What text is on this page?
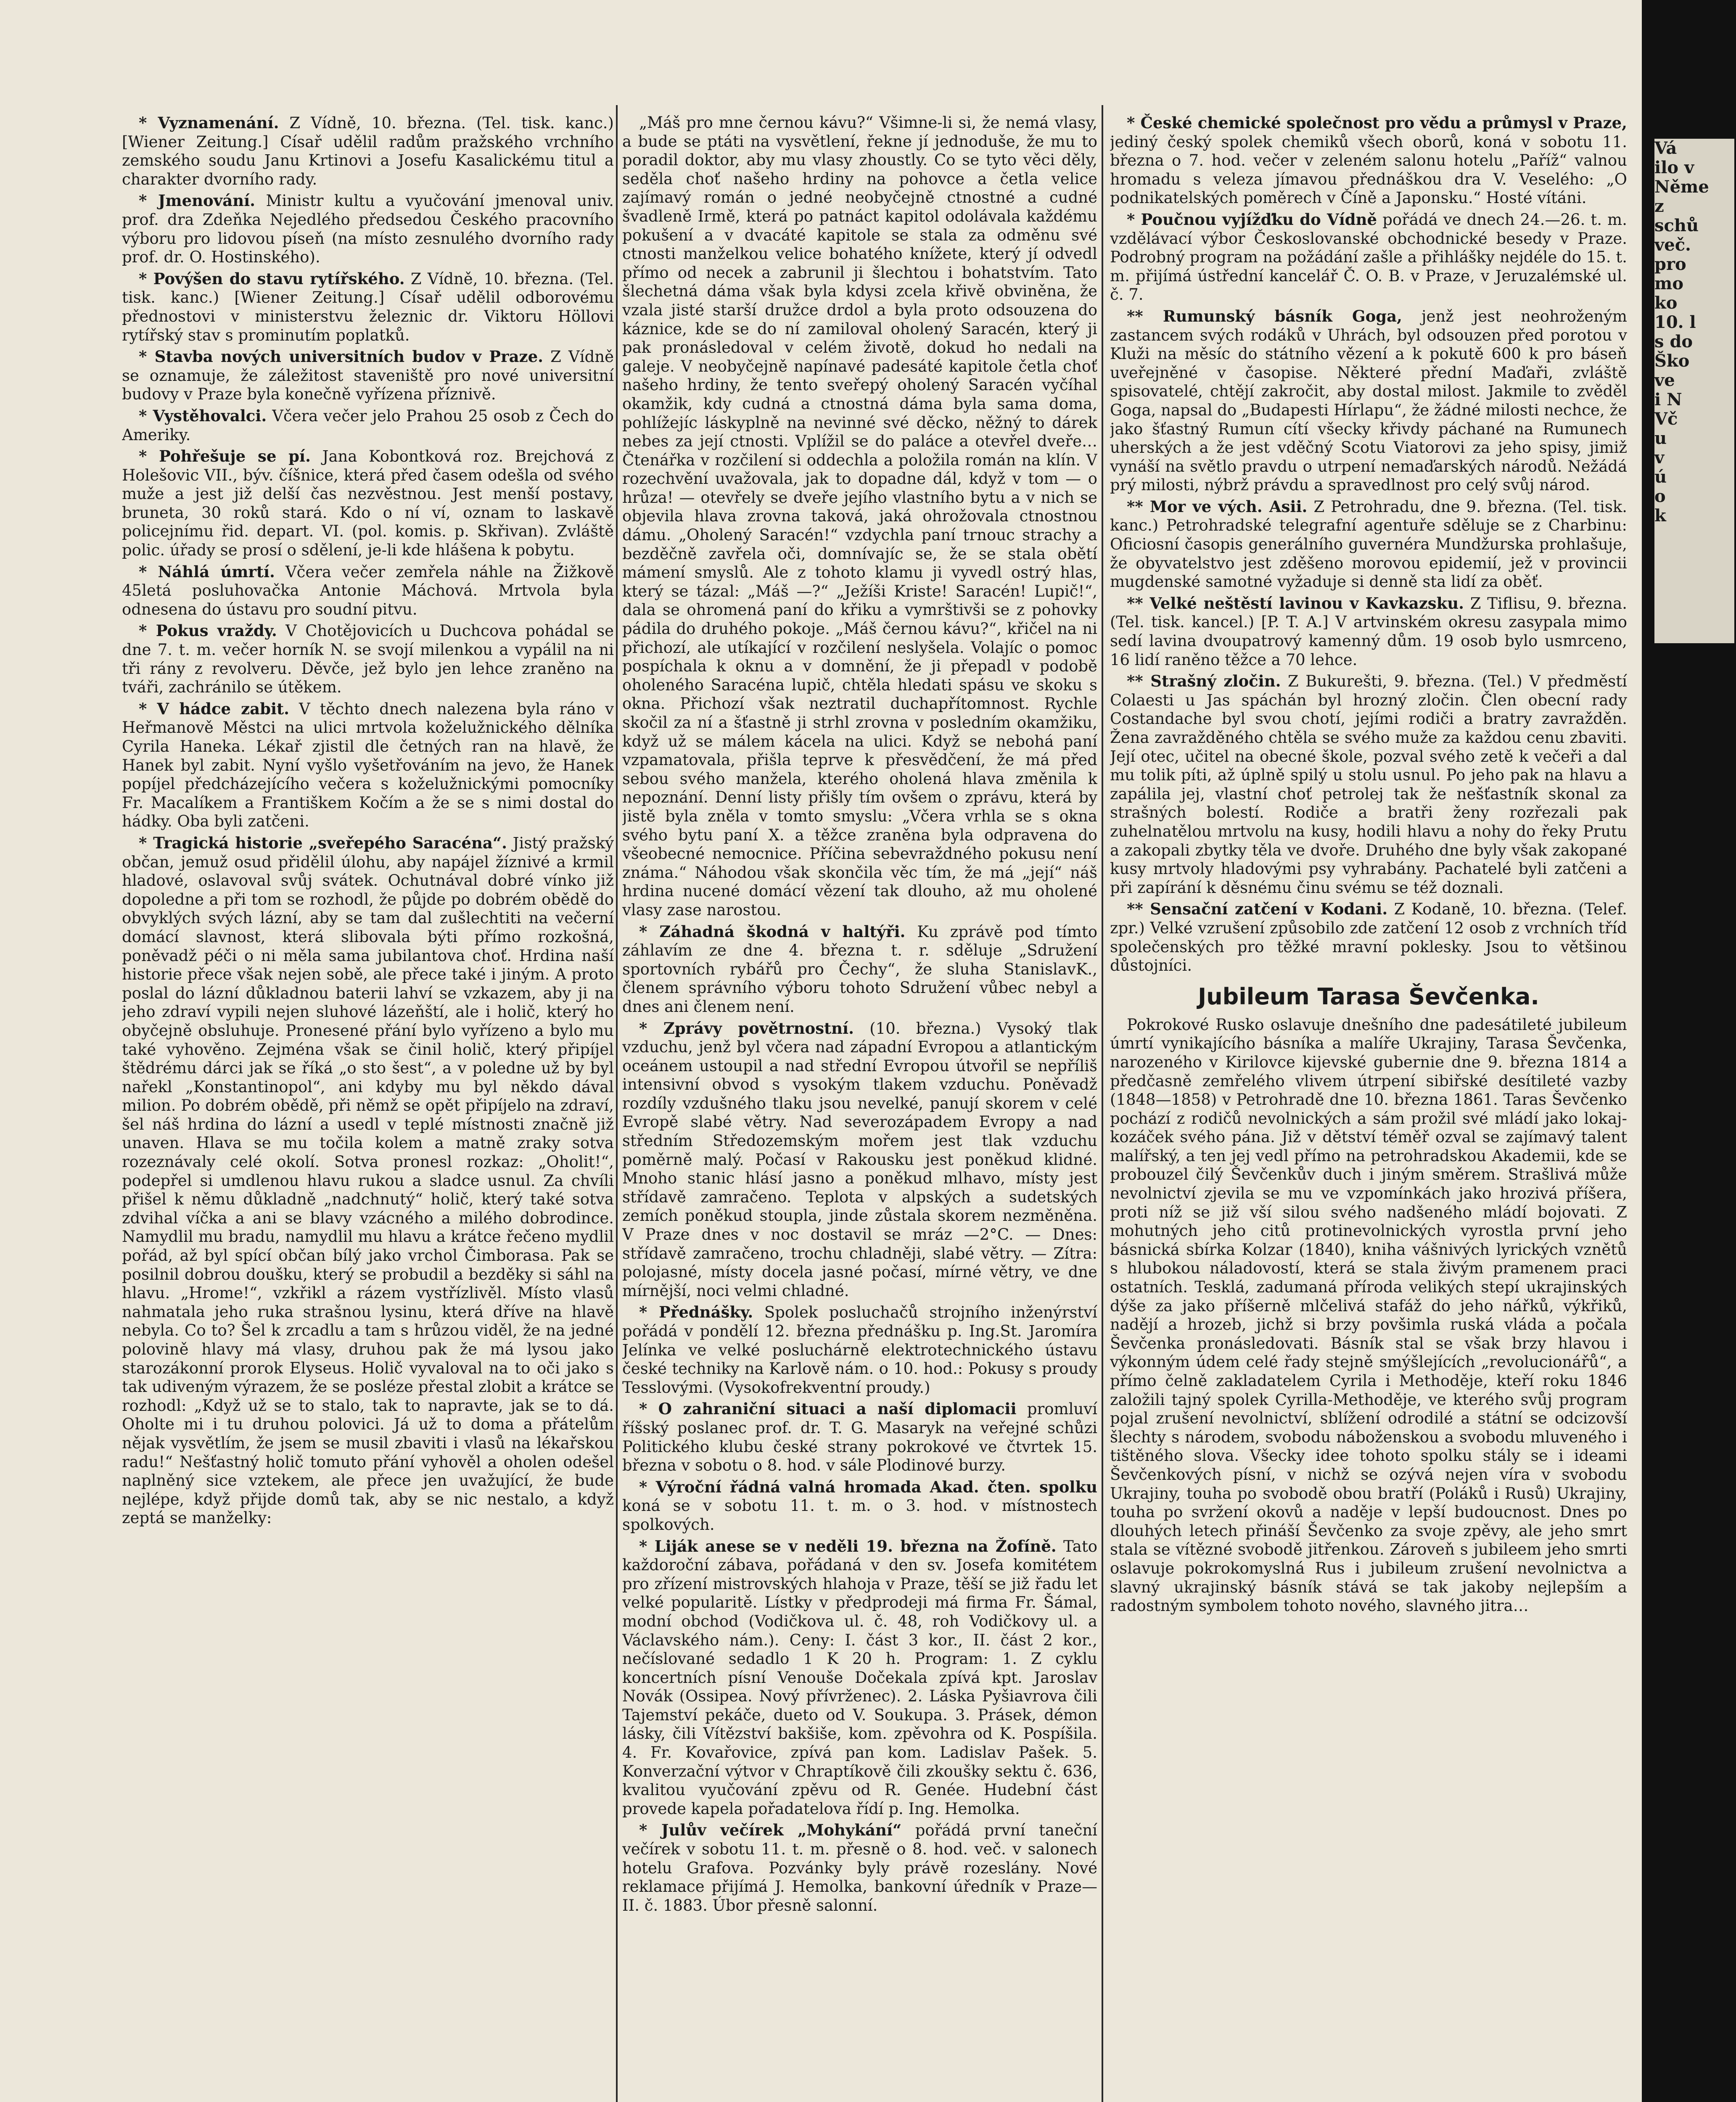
* Vyznamenání. Z Vídně, 10. března. (Tel. tisk. kanc.) [Wiener Zeitung.] Císař udělil radům pražského vrchního zemského soudu Janu Krtinovi a Josefu Kasalickému titul a charakter dvorního rady.

* Jmenování. Ministr kultu a vyučování jmenoval univ. prof. dra Zdeňka Nejedlého předsedou Českého pracovního výboru pro lidovou píseň (na místo zesnulého dvorního rady prof. dr. O. Hostinského).

* Povýšen do stavu rytířského. Z Vídně, 10. března. (Tel. tisk. kanc.) [Wiener Zeitung.] Císař udělil odborovému přednostovi v ministerstvu železnic dr. Viktoru Höllovi rytířský stav s prominutím poplatků.

* Stavba nových universitních budov v Praze. Z Vídně se oznamuje, že záležitost staveniště pro nové universitní budovy v Praze byla konečně vyřízena příznivě.

* Vystěhovalci. Včera večer jelo Prahou 25 osob z Čech do Ameriky.

* Pohřešuje se pí. Jana Kobontková roz. Brejchová z Holešovic VII., býv. číšnice, která před časem odešla od svého muže a jest již delší čas nezvěstnou. Jest menší postavy, bruneta, 30 roků stará. Kdo o ní ví, oznam to laskavě policejnímu řid. depart. VI. (pol. komis. p. Skřivan). Zvláště polic. úřady se prosí o sdělení, je-li kde hlášena k pobytu.

* Náhlá úmrtí. Včera večer zemřela náhle na Žižkově 45letá posluhovačka Antonie Máchová. Mrtvola byla odnesena do ústavu pro soudní pitvu.

* Pokus vraždy. V Chotějovicích u Duchcova pohádal se dne 7. t. m. večer horník N. se svojí milenkou a vypálil na ni tři rány z revolveru. Děvče, jež bylo jen lehce zraněno na tváři, zachránilo se útěkem.

* V hádce zabit. V těchto dnech nalezena byla ráno v Heřmanově Městci na ulici mrtvola koželužnického dělníka Cyrila Haneka. Lékař zjistil dle četných ran na hlavě, že Hanek byl zabit. Nyní vyšlo vyšetřováním na jevo, že Hanek popíjel předcházejícího večera s koželužnickými pomocníky Fr. Macalíkem a Františkem Kočím a že se s nimi dostal do hádky. Oba byli zatčeni.

* Tragická historie „sveřepého Saracéna“. Jistý pražský občan, jemuž osud přidělil úlohu, aby napájel žíznivé a krmil hladové, oslavoval svůj svátek. Ochutnával dobré vínko již dopoledne a při tom se rozhodl, že půjde po dobrém obědě do obvyklých svých lázní, aby se tam dal zušlechtiti na večerní domácí slavnost, která slibovala býti přímo rozkošná, poněvadž péči o ni měla sama jubilantova choť. Hrdina naší historie přece však nejen sobě, ale přece také i jiným. A proto poslal do lázní důkladnou baterii lahví se vzkazem, aby ji na jeho zdraví vypili nejen sluhové lázeňští, ale i holič, který ho obyčejně obsluhuje. Pronesené přání bylo vyřízeno a bylo mu také vyhověno. Zejména však se činil holič, který připíjel štědrému dárci jak se říká „o sto šest“, a v poledne už by byl nařekl „Konstantinopol“, ani kdyby mu byl někdo dával milion. Po dobrém obědě, při němž se opět připíjelo na zdraví, šel náš hrdina do lázní a usedl v teplé místnosti značně již unaven. Hlava se mu točila kolem a matně zraky sotva rozeznávaly celé okolí. Sotva pronesl rozkaz: „Oholit!“, podepřel si umdlenou hlavu rukou a sladce usnul. Za chvíli přišel k němu důkladně „nadchnutý“ holič, který také sotva zdvihal víčka a ani se blavy vzácného a milého dobrodince. Namydlil mu bradu, namydlil mu hlavu a krátce řečeno mydlil pořád, až byl spící občan bílý jako vrchol Čimborasa. Pak se posilnil dobrou doušku, který se probudil a bezděky si sáhl na hlavu. „Hrome!“, vzkřikl a rázem vystřízlivěl. Místo vlasů nahmatala jeho ruka strašnou lysinu, která dříve na hlavě nebyla. Co to? Šel k zrcadlu a tam s hrůzou viděl, že na jedné polovině hlavy má vlasy, druhou pak že má lysou jako starozákonní prorok Elyseus. Holič vyvaloval na to oči jako s tak udiveným výrazem, že se posléze přestal zlobit a krátce se rozhodl: „Když už se to stalo, tak to napravte, jak se to dá. Oholte mi i tu druhou polovici. Já už to doma a přátelům nějak vysvětlím, že jsem se musil zbaviti i vlasů na lékařskou radu!“ Nešťastný holič tomuto přání vyhověl a oholen odešel naplněný sice vztekem, ale přece jen uvažující, že bude nejlépe, když přijde domů tak, aby se nic nestalo, a když zeptá se manželky:

„Máš pro mne černou kávu?“ Všimne-li si, že nemá vlasy, a bude se ptáti na vysvětlení, řekne jí jednoduše, že mu to poradil doktor, aby mu vlasy zhoustly. Co se tyto věci děly, seděla choť našeho hrdiny na pohovce a četla velice zajímavý román o jedné neobyčejně ctnostné a cudné švadleně Irmě, která po patnáct kapitol odolávala každému pokušení a v dvacáté kapitole se stala za odměnu své ctnosti manželkou velice bohatého knížete, který jí odvedl přímo od necek a zabrunil ji šlechtou i bohatstvím. Tato šlechetná dáma však byla kdysi zcela křivě obviněna, že vzala jisté starší družce drdol a byla proto odsouzena do káznice, kde se do ní zamiloval oholený Saracén, který ji pak pronásledoval v celém životě, dokud ho nedali na galeje. V neobyčejně napínavé padesáté kapitole četla choť našeho hrdiny, že tento sveřepý oholený Saracén vyčíhal okamžik, kdy cudná a ctnostná dáma byla sama doma, pohlížejíc láskyplně na nevinné své děcko, něžný to dárek nebes za její ctnosti. Vplížil se do paláce a otevřel dveře… Čtenářka v rozčilení si oddechla a položila román na klín. V rozechvění uvažovala, jak to dopadne dál, když v tom — o hrůza! — otevřely se dveře jejího vlastního bytu a v nich se objevila hlava zrovna taková, jaká ohrožovala ctnostnou dámu. „Oholený Saracén!“ vzdychla paní trnouc strachy a bezděčně zavřela oči, domnívajíc se, že se stala obětí mámení smyslů. Ale z tohoto klamu ji vyvedl ostrý hlas, který se tázal: „Máš —?“ „Ježíši Kriste! Saracén! Lupič!“, dala se ohromená paní do křiku a vymrštivši se z pohovky pádila do druhého pokoje. „Máš černou kávu?“, křičel na ni přichozí, ale utíkající v rozčilení neslyšela. Volajíc o pomoc pospíchala k oknu a v domnění, že ji přepadl v podobě oholeného Saracéna lupič, chtěla hledati spásu ve skoku s okna. Přichozí však neztratil duchapřítomnost. Rychle skočil za ní a šťastně ji strhl zrovna v posledním okamžiku, když už se málem kácela na ulici. Když se nebohá paní vzpamatovala, přišla teprve k přesvědčení, že má před sebou svého manžela, kterého oholená hlava změnila k nepoznání. Denní listy přišly tím ovšem o zprávu, která by jistě byla zněla v tomto smyslu: „Včera vrhla se s okna svého bytu paní X. a těžce zraněna byla odpravena do všeobecné nemocnice. Příčina sebevraždného pokusu není známa.“ Náhodou však skončila věc tím, že má „její“ náš hrdina nucené domácí vězení tak dlouho, až mu oholené vlasy zase narostou.

* Záhadná škodná v haltýři. Ku zprávě pod tímto záhlavím ze dne 4. března t. r. sděluje „Sdružení sportovních rybářů pro Čechy“, že sluha StanislavK., členem správního výboru tohoto Sdružení vůbec nebyl a dnes ani členem není.

* Zprávy povětrnostní. (10. března.) Vysoký tlak vzduchu, jenž byl včera nad západní Evropou a atlantickým oceánem ustoupil a nad střední Evropou útvořil se nepříliš intensivní obvod s vysokým tlakem vzduchu. Poněvadž rozdíly vzdušného tlaku jsou nevelké, panují skorem v celé Evropě slabé větry. Nad severozápadem Evropy a nad středním Středozemským mořem jest tlak vzduchu poměrně malý. Počasí v Rakousku jest poněkud klidné. Mnoho stanic hlásí jasno a poněkud mlhavo, místy jest střídavě zamračeno. Teplota v alpských a sudetských zemích poněkud stoupla, jinde zůstala skorem nezměněna. V Praze dnes v noc dostavil se mráz —2°C. — Dnes: střídavě zamračeno, trochu chladněji, slabé větry. — Zítra: polojasné, místy docela jasné počasí, mírné větry, ve dne mírnější, noci velmi chladné.

* Přednášky. Spolek posluchačů strojního inženýrství pořádá v pondělí 12. března přednášku p. Ing.St. Jaromíra Jelínka ve velké posluchárně elektrotechnického ústavu české techniky na Karlově nám. o 10. hod.: Pokusy s proudy Tesslovými. (Vysokofrekventní proudy.)

* O zahraniční situaci a naší diplomacii promluví říšský poslanec prof. dr. T. G. Masaryk na veřejné schůzi Politického klubu české strany pokrokové ve čtvrtek 15. března v sobotu o 8. hod. v sále Plodinové burzy.

* Výroční řádná valná hromada Akad. čten. spolku koná se v sobotu 11. t. m. o 3. hod. v místnostech spolkových.

* Liják anese se v neděli 19. března na Žofíně. Tato každoroční zábava, pořádaná v den sv. Josefa komitétem pro zřízení mistrovských hlahoja v Praze, těší se již řadu let velké popularitě. Lístky v předprodeji má firma Fr. Šámal, modní obchod (Vodičkova ul. č. 48, roh Vodičkovy ul. a Václavského nám.). Ceny: I. část 3 kor., II. část 2 kor., nečíslované sedadlo 1 K 20 h. Program: 1. Z cyklu koncertních písní Venouše Dočekala zpívá kpt. Jaroslav Novák (Ossipea. Nový přívrženec). 2. Láska Pyšiavrova čili Tajemství pekáče, dueto od V. Soukupa. 3. Prásek, démon lásky, čili Vítězství bakšiše, kom. zpěvohra od K. Pospíšila. 4. Fr. Kovařovice, zpívá pan kom. Ladislav Pašek. 5. Konverzační výtvor v Chraptíkově čili zkoušky sektu č. 636, kvalitou vyučování zpěvu od R. Genée. Hudební část provede kapela pořadatelova řídí p. Ing. Hemolka.

* Julův večírek „Mohykání“ pořádá první taneční večírek v sobotu 11. t. m. přesně o 8. hod. več. v salonech hotelu Grafova. Pozvánky byly právě rozeslány. Nové reklamace přijímá J. Hemolka, bankovní úředník v Praze—II. č. 1883. Úbor přesně salonní.

* České chemické společnost pro vědu a průmysl v Praze, jediný český spolek chemiků všech oborů, koná v sobotu 11. března o 7. hod. večer v zeleném salonu hotelu „Paříž“ valnou hromadu s veleza jímavou přednáškou dra V. Veselého: „O podnikatelských poměrech v Číně a Japonsku.“ Hosté vítáni.

* Poučnou vyjížďku do Vídně pořádá ve dnech 24.—26. t. m. vzdělávací výbor Českoslovanské obchodnické besedy v Praze. Podrobný program na požádání zašle a přihlášky nejdéle do 15. t. m. přijímá ústřední kancelář Č. O. B. v Praze, v Jeruzalémské ul. č. 7.

** Rumunský básník Goga, jenž jest neohroženým zastancem svých rodáků v Uhrách, byl odsouzen před porotou v Kluži na měsíc do státního vězení a k pokutě 600 k pro báseň uveřejněné v časopise. Některé přední Maďaři, zvláště spisovatelé, chtějí zakročit, aby dostal milost. Jakmile to zvěděl Goga, napsal do „Budapesti Hírlapu“, že žádné milosti nechce, že jako šťastný Rumun cítí všecky křivdy páchané na Rumunech uherských a že jest vděčný Scotu Viatorovi za jeho spisy, jimiž vynáší na světlo pravdu o utrpení nemaďarských národů. Nežádá prý milosti, nýbrž právdu a spravedlnost pro celý svůj národ.

** Mor ve vých. Asii. Z Petrohradu, dne 9. března. (Tel. tisk. kanc.) Petrohradské telegrafní agentuře sděluje se z Charbinu: Oficiosní časopis generálního guvernéra Mundžurska prohlašuje, že obyvatelstvo jest zděšeno morovou epidemií, jež v provincii mugdenské samotné vyžaduje si denně sta lidí za oběť.

** Velké neštěstí lavinou v Kavkazsku. Z Tiflisu, 9. března. (Tel. tisk. kancel.) [P. T. A.] V artvinském okresu zasypala mimo sedí lavina dvoupatrový kamenný dům. 19 osob bylo usmrceno, 16 lidí raněno těžce a 70 lehce.

** Strašný zločin. Z Bukurešti, 9. března. (Tel.) V předměstí Colaesti u Jas spáchán byl hrozný zločin. Člen obecní rady Costandache byl svou chotí, jejími rodiči a bratry zavražděn. Žena zavražděného chtěla se svého muže za každou cenu zbaviti. Její otec, učitel na obecné škole, pozval svého zetě k večeři a dal mu tolik píti, až úplně spilý u stolu usnul. Po jeho pak na hlavu a zapálila jej, vlastní choť petrolej tak že nešťastník skonal za strašných bolestí. Rodiče a bratři ženy rozřezali pak zuhelnatělou mrtvolu na kusy, hodili hlavu a nohy do řeky Prutu a zakopali zbytky těla ve dvoře. Druhého dne byly však zakopané kusy mrtvoly hladovými psy vyhrabány. Pachatelé byli zatčeni a při zapírání k děsnému činu svému se též doznali.

** Sensační zatčení v Kodani. Z Kodaně, 10. března. (Telef. zpr.) Velké vzrušení způsobilo zde zatčení 12 osob z vrchních tříd společenských pro těžké mravní poklesky. Jsou to většinou důstojníci.

Jubileum Tarasa Ševčenka.

Pokrokové Rusko oslavuje dnešního dne padesátileté jubileum úmrtí vynikajícího básníka a malíře Ukrajiny, Tarasa Ševčenka, narozeného v Kirilovce kijevské gubernie dne 9. března 1814 a předčasně zemřelého vlivem útrpení sibiřské desítileté vazby (1848—1858) v Petrohradě dne 10. března 1861. Taras Ševčenko pochází z rodičů nevolnických a sám prožil své mládí jako lokaj-kozáček svého pána. Již v dětství téměř ozval se zajímavý talent malířský, a ten jej vedl přímo na petrohradskou Akademii, kde se probouzel čilý Ševčenkův duch i jiným směrem. Strašlivá může nevolnictví zjevila se mu ve vzpomínkách jako hrozivá příšera, proti níž se již vší silou svého nadšeného mládí bojovati. Z mohutných jeho citů protinevolnických vyrostla první jeho básnická sbírka Kolzar (1840), kniha vášnivých lyrických vznětů s hlubokou náladovostí, která se stala živým pramenem praci ostatních. Tesklá, zadumaná příroda velikých stepí ukrajinských dýše za jako příšerně mlčelivá stafáž do jeho nářků, výkřiků, nadějí a hrozeb, jichž si brzy povšimla ruská vláda a počala Ševčenka pronásledovati. Básník stal se však brzy hlavou i výkonným údem celé řady stejně smýšlejících „revolucionářů“, a přímo čelně zakladatelem Cyrila i Methoděje, kteří roku 1846 založili tajný spolek Cyrilla-Methoděje, ve kterého svůj program pojal zrušení nevolnictví, sblížení odrodilé a státní se odcizovší šlechty s národem, svobodu náboženskou a svobodu mluveného i tištěného slova. Všecky idee tohoto spolku stály se i ideami Ševčenkových písní, v nichž se ozývá nejen víra v svobodu Ukrajiny, touha po svobodě obou bratří (Poláků i Rusů) Ukrajiny, touha po svržení okovů a naděje v lepší budoucnost. Dnes po dlouhých letech přináší Ševčenko za svoje zpěvy, ale jeho smrt stala se vítězné svobodě jitřenkou. Zároveň s jubileem jeho smrti oslavuje pokrokomyslná Rus i jubileum zrušení nevolnictva a slavný ukrajinský básník stává se tak jakoby nejlepším a radostným symbolem tohoto nového, slavného jitra…

Vá
ilo v
Něme
z
schů
več.
pro
mo
ko
10. l
s do
Ško
ve
i N
Vč
u
v
ú
o
k
